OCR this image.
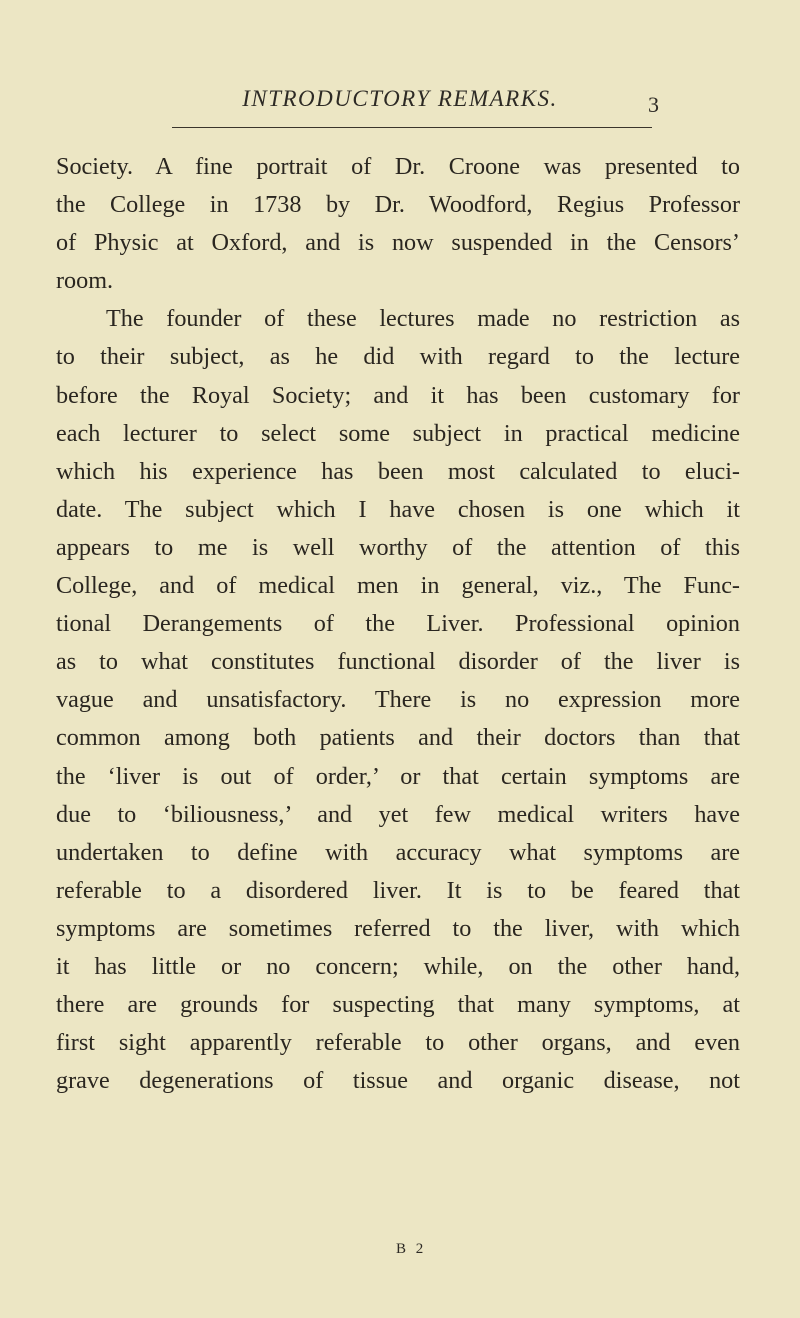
INTRODUCTORY REMARKS.	3
Society. A fine portrait of Dr. Croone was presented to
the College in 1738 by Dr. Woodford, Regius Professor
of Physic at Oxford, and is now suspended in the Censors’
room.
The founder of these lectures made no restriction as
to their subject, as he did with regard to the lecture
before the Royal Society; and it has been customary for
each lecturer to select some subject in practical medicine
which his experience has been most calculated to eluci-
date. The subject which I have chosen is one which it
appears to me is well worthy of the attention of this
College, and of medical men in general, viz., The Func-
tional Derangements of the Liver. Professional opinion
as to what constitutes functional disorder of the liver is
vague and unsatisfactory. There is no expression more
common among both patients and their doctors than that
the ‘liver is out of order,’ or that certain symptoms are
due to ‘biliousness,’ and yet few medical writers have
undertaken to define with accuracy what symptoms are
referable to a disordered liver. It is to be feared that
symptoms are sometimes referred to the liver, with which
it has little or no concern; while, on the other hand,
there are grounds for suspecting that many symptoms, at
first sight apparently referable to other organs, and even
grave degenerations of tissue and organic disease, not
B 2
